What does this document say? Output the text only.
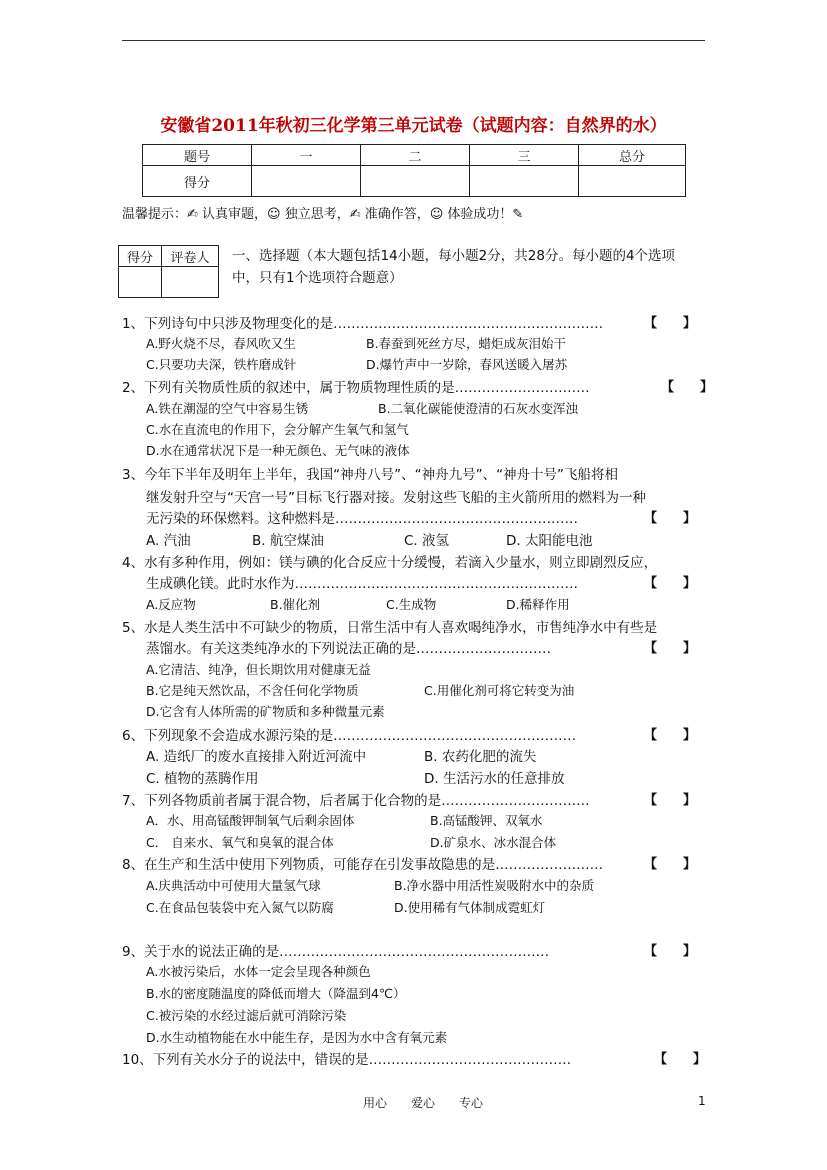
安徽省2011年秋初三化学第三单元试卷（试题内容：自然界的水）
题号	一	二	三	总分
得分				
温馨提示：✍ 认真审题，☺ 独立思考，✍ 准确作答，☺ 体验成功！✎
得分	评卷人
	一、选择题（本大题包括14小题，每小题2分，共28分。每小题的4个选项中，只有1个选项符合题意）
1、下列诗句中只涉及物理变化的是……………………………………………………	【　　】
A.野火烧不尽，春风吹又生	B.春蚕到死丝方尽，蜡炬成灰泪始干
C.只要功夫深，铁杵磨成针	D.爆竹声中一岁除，春风送暖入屠苏
2、下列有关物质性质的叙述中，属于物质物理性质的是…………………………	【　　】
A.铁在潮湿的空气中容易生锈	B.二氧化碳能使澄清的石灰水变浑浊
C.水在直流电的作用下，会分解产生氧气和氢气
D.水在通常状况下是一种无颜色、无气味的液体
3、今年下半年及明年上半年，我国“神舟八号”、“神舟九号”、“神舟十号”飞船将相
继发射升空与“天宫一号”目标飞行器对接。发射这些飞船的主火箭所用的燃料为一种
无污染的环保燃料。这种燃料是………………………………………………	【　　】
A. 汽油	B. 航空煤油	C. 液氢	D. 太阳能电池
4、水有多种作用，例如：镁与碘的化合反应十分缓慢，若滴入少量水，则立即剧烈反应，
生成碘化镁。此时水作为………………………………………………………	【　　】
A.反应物	B.催化剂	C.生成物	D.稀释作用
5、水是人类生活中不可缺少的物质，日常生活中有人喜欢喝纯净水，市售纯净水中有些是
蒸馏水。有关这类纯净水的下列说法正确的是…………………………	【　　】
A.它清洁、纯净，但长期饮用对健康无益
B.它是纯天然饮品，不含任何化学物质	C.用催化剂可将它转变为油
D.它含有人体所需的矿物质和多种微量元素
6、下列现象不会造成水源污染的是………………………………………………	【　　】
A. 造纸厂的废水直接排入附近河流中	B. 农药化肥的流失
C. 植物的蒸腾作用	D. 生活污水的任意排放
7、下列各物质前者属于混合物，后者属于化合物的是……………………………	【　　】
A．水、用高锰酸钾制氧气后剩余固体	B.高锰酸钾、双氧水
C． 自来水、氧气和臭氧的混合体	D.矿泉水、冰水混合体
8、在生产和生活中使用下列物质，可能存在引发事故隐患的是……………………	【　　】
A.庆典活动中可使用大量氢气球	B.净水器中用活性炭吸附水中的杂质
C.在食品包装袋中充入氮气以防腐	D.使用稀有气体制成霓虹灯
9、关于水的说法正确的是……………………………………………………	【　　】
A.水被污染后，水体一定会呈现各种颜色
B.水的密度随温度的降低而增大（降温到4℃）
C.被污染的水经过滤后就可消除污染
D.水生动植物能在水中能生存，是因为水中含有氧元素
10、下列有关水分子的说法中，错误的是………………………………………	【　　】
用心　　爱心　　专心	1
